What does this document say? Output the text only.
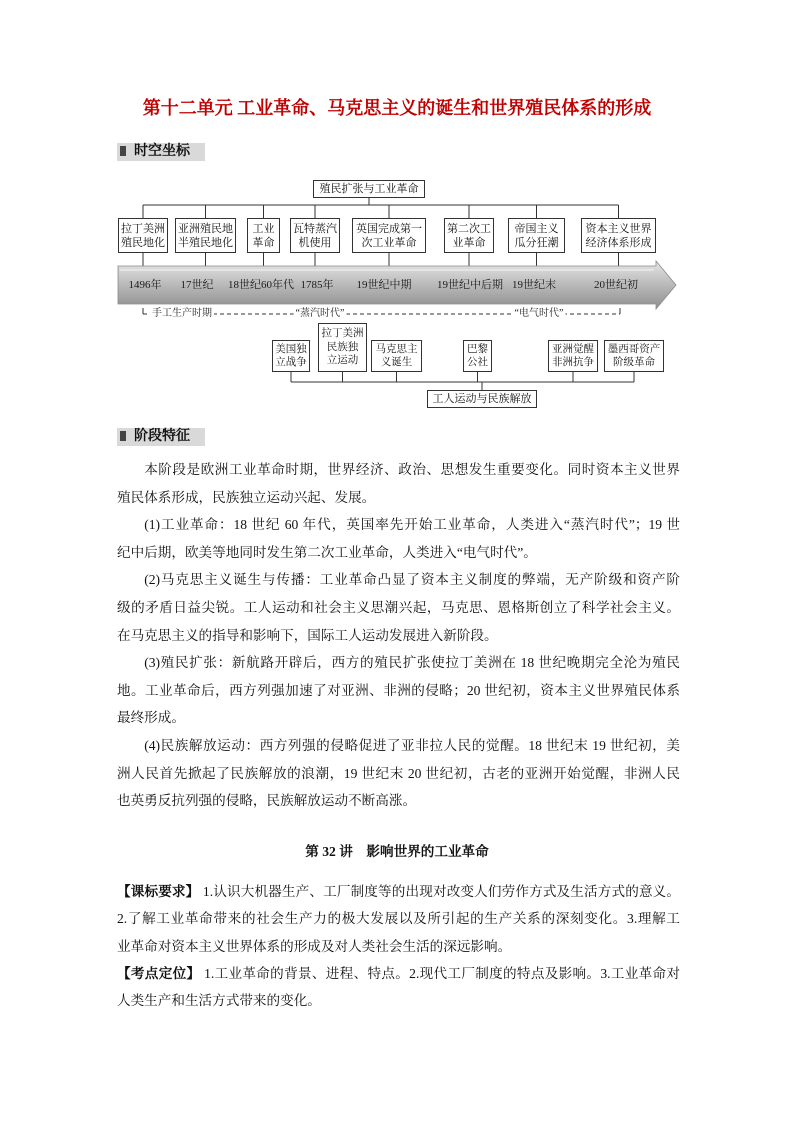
第十二单元 工业革命、马克思主义的诞生和世界殖民体系的形成
时空坐标
殖民扩张与工业革命
拉丁美洲
殖民地化
亚洲殖民地
半殖民地化
工业
革命
瓦特蒸汽
机使用
英国完成第一
次工业革命
第二次工
业革命
帝国主义
瓜分狂潮
资本主义世界
经济体系形成
1496年 17世纪 18世纪60年代 1785年 19世纪中期 19世纪中后期 19世纪末	20世纪初
手工生产时期	“蒸汽时代”	“电气时代”
美国独
立战争
拉丁美洲
民族独
立运动
马克思主
义诞生
巴黎
公社
亚洲觉醒
非洲抗争
墨西哥资产
阶级革命
工人运动与民族解放
阶段特征
本阶段是欧洲工业革命时期，世界经济、政治、思想发生重要变化。同时资本主义世界
殖民体系形成，民族独立运动兴起、发展。
(1)工业革命：18 世纪 60 年代，英国率先开始工业革命，人类进入“蒸汽时代”；19 世
纪中后期，欧美等地同时发生第二次工业革命，人类进入“电气时代”。
(2)马克思主义诞生与传播：工业革命凸显了资本主义制度的弊端，无产阶级和资产阶
级的矛盾日益尖锐。工人运动和社会主义思潮兴起，马克思、恩格斯创立了科学社会主义。
在马克思主义的指导和影响下，国际工人运动发展进入新阶段。
(3)殖民扩张：新航路开辟后，西方的殖民扩张使拉丁美洲在 18 世纪晚期完全沦为殖民
地。工业革命后，西方列强加速了对亚洲、非洲的侵略；20 世纪初，资本主义世界殖民体系
最终形成。
(4)民族解放运动：西方列强的侵略促进了亚非拉人民的觉醒。18 世纪末 19 世纪初，美
洲人民首先掀起了民族解放的浪潮，19 世纪末 20 世纪初，古老的亚洲开始觉醒，非洲人民
也英勇反抗列强的侵略，民族解放运动不断高涨。
第 32 讲　影响世界的工业革命
【课标要求】 1.认识大机器生产、工厂制度等的出现对改变人们劳作方式及生活方式的意义。
2.了解工业革命带来的社会生产力的极大发展以及所引起的生产关系的深刻变化。3.理解工
业革命对资本主义世界体系的形成及对人类社会生活的深远影响。
【考点定位】 1.工业革命的背景、进程、特点。2.现代工厂制度的特点及影响。3.工业革命对
人类生产和生活方式带来的变化。
